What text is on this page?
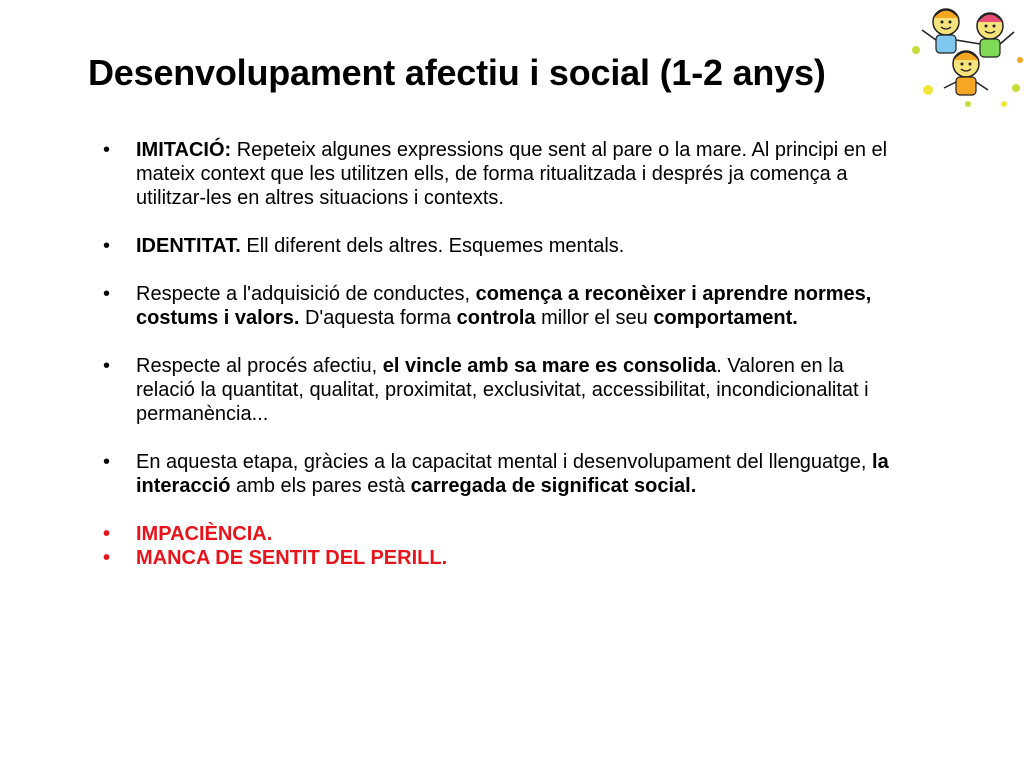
Desenvolupament afectiu i social (1-2 anys)
• IMITACIÓ: Repeteix algunes expressions que sent al pare o la mare. Al principi en el mateix context que les utilitzen ells, de forma ritualitzada i després ja comença a utilitzar-les en altres situacions i contexts.
• IDENTITAT. Ell diferent dels altres. Esquemes mentals.
• Respecte a l'adquisició de conductes, comença a reconèixer i aprendre normes, costums i valors. D'aquesta forma controla millor el seu comportament.
• Respecte al procés afectiu, el vincle amb sa mare es consolida. Valoren en la relació la quantitat, qualitat, proximitat, exclusivitat, accessibilitat, incondicionalitat i permanència...
• En aquesta etapa, gràcies a la capacitat mental i desenvolupament del llenguatge, la interacció amb els pares està carregada de significat social.
• IMPACIÈNCIA.
• MANCA DE SENTIT DEL PERILL.
